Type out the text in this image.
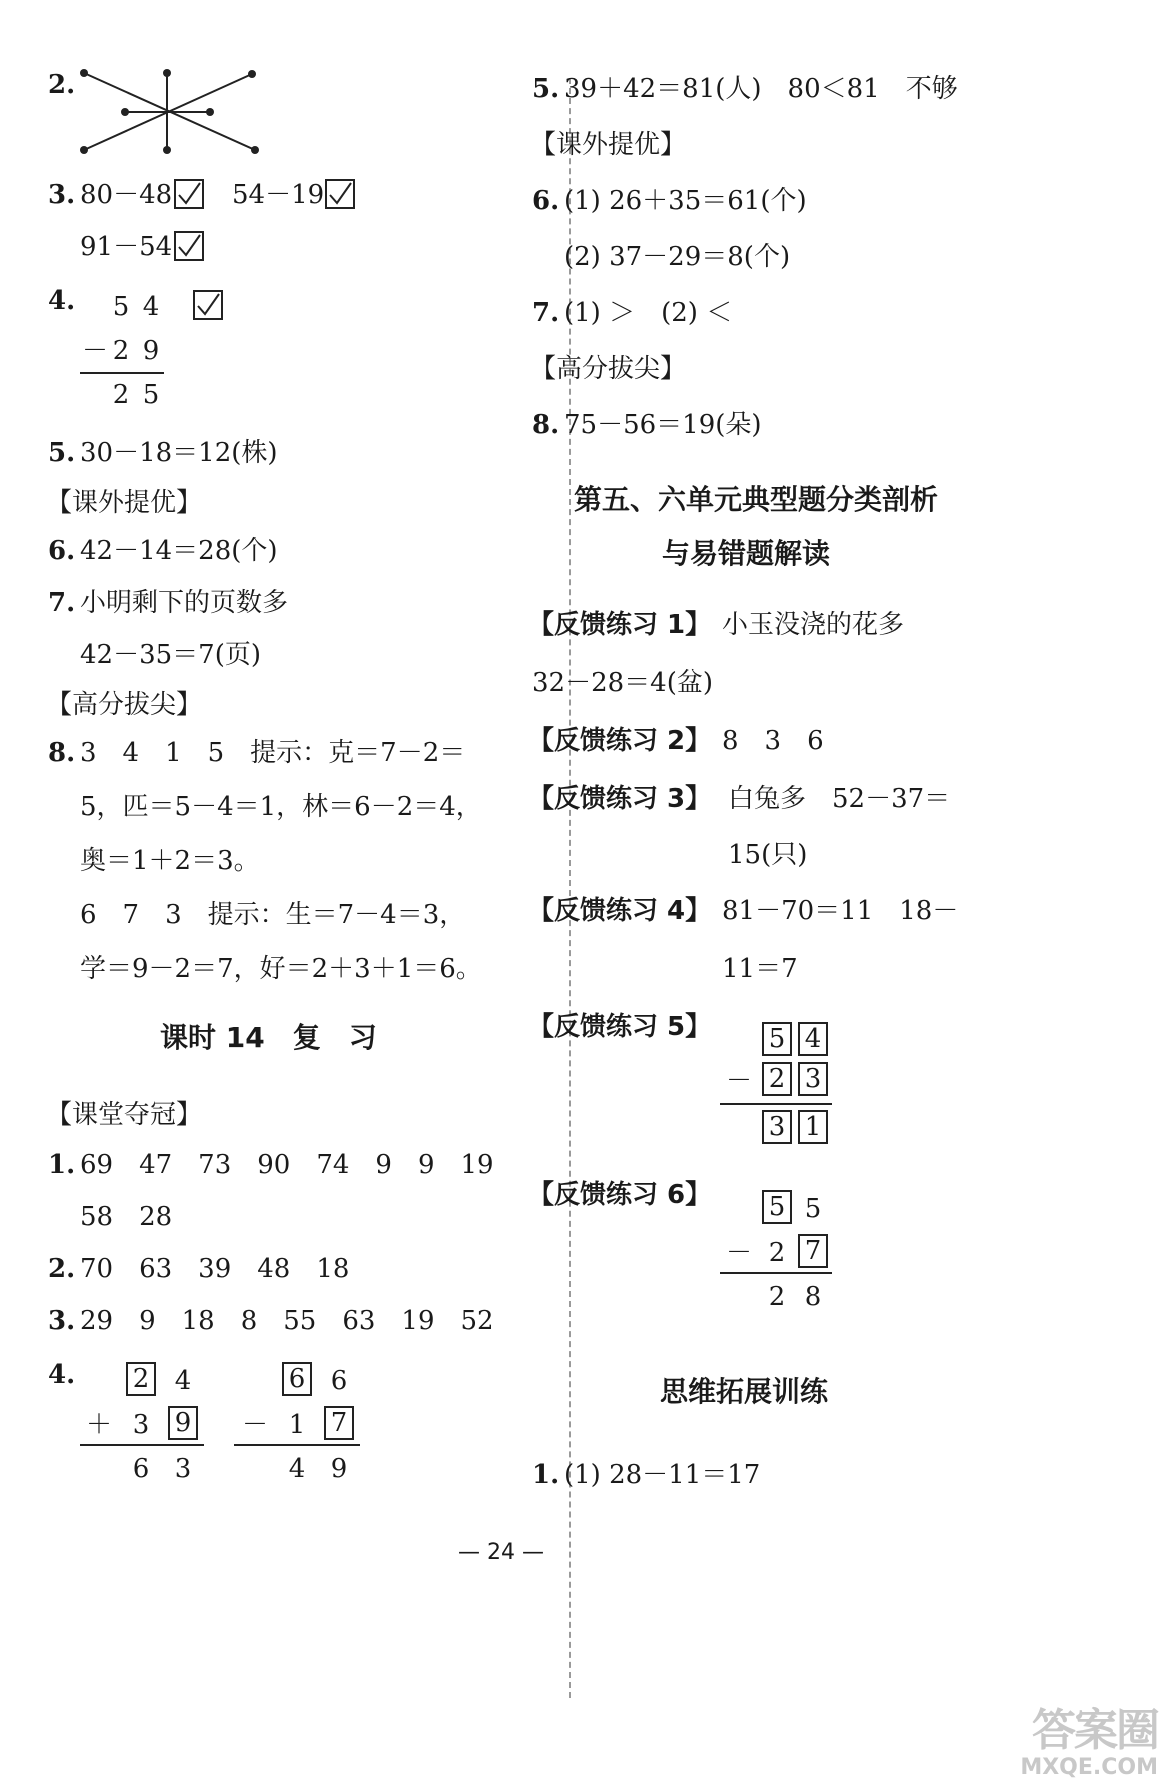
2.
3. 80－48 54－19
91－54
4. 5 4
－ 2 9
2 5
5. 30－18＝12(株)
【课外提优】
6. 42－14＝28(个)
7. 小明剩下的页数多
42－35＝7(页)
【高分拔尖】
8. 3　4　1　5　提示：克＝7－2＝
5，匹＝5－4＝1，林＝6－2＝4，
奥＝1＋2＝3。
6　7　3　提示：生＝7－4＝3，
学＝9－2＝7，好＝2＋3＋1＝6。
课时 14　复　习
【课堂夺冠】
1. 69　47　73　90　74　9　9　19
58　28
2. 70　63　39　48　18
3. 29　9　18　8　55　63　19　52
4. 2 4
＋ 3 9
6 3
6 6
－ 1 7
4 9
5. 39＋42＝81(人)　80＜81　不够
【课外提优】
6. (1) 26＋35＝61(个)
(2) 37－29＝8(个)
7. (1) ＞　(2) ＜
【高分拔尖】
8. 75－56＝19(朵)
第五、六单元典型题分类剖析
与易错题解读
【反馈练习 1】 小玉没浇的花多
32－28＝4(盆)
【反馈练习 2】 8　3　6
【反馈练习 3】 白兔多　52－37＝
15(只)
【反馈练习 4】 81－70＝11　18－
11＝7
【反馈练习 5】 5 4
－ 2 3
3 1
【反馈练习 6】 5 5
－ 2 7
2 8
思维拓展训练
1. (1) 28－11＝17
— 24 —
答案圈
MXQE.COM
